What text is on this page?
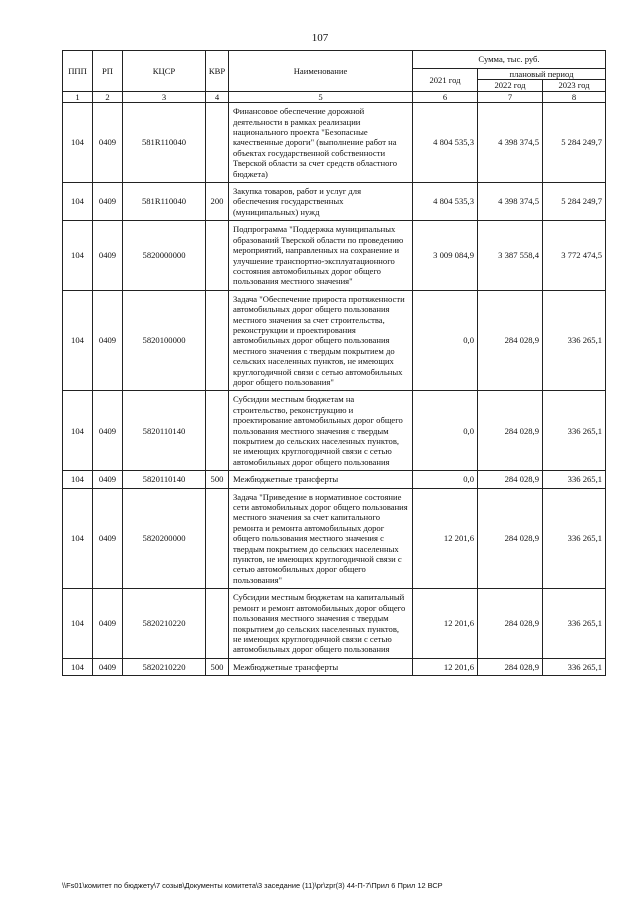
107
ППП	РП	КЦСР	КВР	Наименование	Сумма, тыс. руб.		
					2021 год	плановый период	
						2022 год	2023 год
1	2	3	4	5	6	7	8
104	0409	581R110040		Финансовое обеспечение дорожной деятельности в рамках реализации национального проекта "Безопасные качественные дороги" (выполнение работ на объектах государственной собственности Тверской области за счет средств областного бюджета)	4 804 535,3	4 398 374,5	5 284 249,7
104	0409	581R110040	200	Закупка товаров, работ и услуг для обеспечения государственных (муниципальных) нужд	4 804 535,3	4 398 374,5	5 284 249,7
104	0409	5820000000		Подпрограмма "Поддержка муниципальных образований Тверской области по проведению мероприятий, направленных на сохранение и улучшение транспортно-эксплуатационного состояния автомобильных дорог общего пользования местного значения"	3 009 084,9	3 387 558,4	3 772 474,5
104	0409	5820100000		Задача "Обеспечение прироста протяженности автомобильных дорог общего пользования местного значения за счет строительства, реконструкции и проектирования автомобильных дорог общего пользования местного значения с твердым покрытием до сельских населенных пунктов, не имеющих круглогодичной связи с сетью автомобильных дорог общего пользования"	0,0	284 028,9	336 265,1
104	0409	5820110140		Субсидии местным бюджетам на строительство, реконструкцию и проектирование автомобильных дорог общего пользования местного значения с твердым покрытием до сельских населенных пунктов, не имеющих круглогодичной связи с сетью автомобильных дорог общего пользования	0,0	284 028,9	336 265,1
104	0409	5820110140	500	Межбюджетные трансферты	0,0	284 028,9	336 265,1
104	0409	5820200000		Задача "Приведение в нормативное состояние сети автомобильных дорог общего пользования местного значения за счет капитального ремонта и ремонта автомобильных дорог общего пользования местного значения с твердым покрытием до сельских населенных пунктов, не имеющих круглогодичной связи с сетью автомобильных дорог общего пользования"	12 201,6	284 028,9	336 265,1
104	0409	5820210220		Субсидии местным бюджетам на капитальный ремонт и ремонт автомобильных дорог общего пользования местного значения с твердым покрытием до сельских населенных пунктов, не имеющих круглогодичной связи с сетью автомобильных дорог общего пользования	12 201,6	284 028,9	336 265,1
104	0409	5820210220	500	Межбюджетные трансферты	12 201,6	284 028,9	336 265,1
\\Fs01\комитет по бюджету\7 созыв\Документы комитета\3 заседание (11)\pr\zpr(3) 44-П-7\Прил 6 Прил 12 ВСР
